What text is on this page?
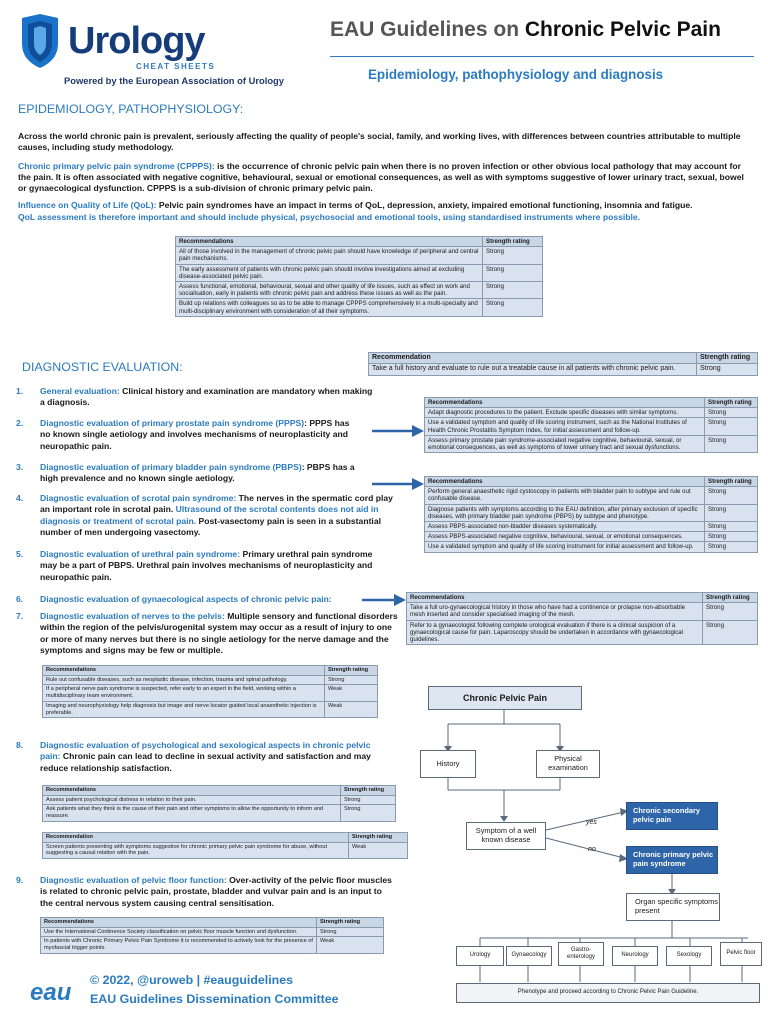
Urology
CHEAT SHEETS
Powered by the European Association of Urology
EAU Guidelines on Chronic Pelvic Pain
Epidemiology, pathophysiology and diagnosis
EPIDEMIOLOGY, PATHOPHYSIOLOGY:

Across the world chronic pain is prevalent, seriously affecting the quality of people's social, family, and working lives, with differences between countries attributable to multiple causes, including study methodology.

Chronic primary pelvic pain syndrome (CPPPS): is the occurrence of chronic pelvic pain when there is no proven infection or other obvious local pathology that may account for the pain. It is often associated with negative cognitive, behavioural, sexual or emotional consequences, as well as with symptoms suggestive of lower urinary tract, sexual, bowel or gynaecological dysfunction. CPPPS is a sub-division of chronic primary pelvic pain.

Influence on Quality of Life (QoL): Pelvic pain syndromes have an impact in terms of QoL, depression, anxiety, impaired emotional functioning, insomnia and fatigue.

QoL assessment is therefore important and should include physical, psychosocial and emotional tools, using standardised instruments where possible.

Recommendations	Strength rating
All of those involved in the management of chronic pelvic pain should have knowledge of peripheral and central pain mechanisms.	Strong
The early assessment of patients with chronic pelvic pain should involve investigations aimed at excluding disease-associated pelvic pain.	Strong
Assess functional, emotional, behavioural, sexual and other quality of life issues, such as effect on work and socialisation, early in patients with chronic pelvic pain and address these issues as well as the pain.	Strong
Build up relations with colleagues so as to be able to manage CPPPS comprehensively in a multi-specialty and multi-disciplinary environment with consideration of all their symptoms.	Strong
DIAGNOSTIC EVALUATION:
1. General evaluation: Clinical history and examination are mandatory when making a diagnosis.
2. Diagnostic evaluation of primary prostate pain syndrome (PPPS): PPPS has no known single aetiology and involves mechanisms of neuroplasticity and neuropathic pain.
3. Diagnostic evaluation of primary bladder pain syndrome (PBPS): PBPS has a high prevalence and no known single aetiology.
4. Diagnostic evaluation of scrotal pain syndrome: The nerves in the spermatic cord play an important role in scrotal pain. Ultrasound of the scrotal contents does not aid in diagnosis or treatment of scrotal pain. Post-vasectomy pain is seen in a substantial number of men undergoing vasectomy.
5. Diagnostic evaluation of urethral pain syndrome: Primary urethral pain syndrome may be a part of PBPS. Urethral pain involves mechanisms of neuroplasticity and neuropathic pain.
6. Diagnostic evaluation of gynaecological aspects of chronic pelvic pain:
7. Diagnostic evaluation of nerves to the pelvis: Multiple sensory and functional disorders within the region of the pelvis/urogenital system may occur as a result of injury to one or more of many nerves but there is no single aetiology for the nerve damage and the symptoms and signs may be few or multiple.
Recommendations	Strength rating
Rule out confusable diseases, such as neoplastic disease, infection, trauma and spinal pathology.	Strong
If a peripheral nerve pain syndrome is suspected, refer early to an expert in the field, working within a multidisciplinary team environment.	Weak
Imaging and neurophysiology help diagnosis but image and nerve locator guided local anaesthetic injection is preferable.	Weak
8. Diagnostic evaluation of psychological and sexological aspects in chronic pelvic pain: Chronic pain can lead to decline in sexual activity and satisfaction and may reduce relationship satisfaction.
Recommendations	Strength rating
Assess patient psychological distress in relation to their pain.	Strong
Ask patients what they think is the cause of their pain and other symptoms to allow the opportunity to inform and reassure.	Strong
Recommendation	Strength rating
Screen patients presenting with symptoms suggestive for chronic primary pelvic pain syndrome for abuse, without suggesting a causal relation with the pain.	Weak
9. Diagnostic evaluation of pelvic floor function: Over-activity of the pelvic floor muscles is related to chronic pelvic pain, prostate, bladder and vulvar pain and is an input to the central nervous system causing central sensitisation.
Recommendations	Strength rating
Use the International Continence Society classification on pelvic floor muscle function and dysfunction.	Strong
In patients with Chronic Primary Pelvic Pain Syndrome it is recommended to actively look for the presence of myofascial trigger points.	Weak
Recommendation	Strength rating
Take a full history and evaluate to rule out a treatable cause in all patients with chronic pelvic pain.	Strong
Recommendations	Strength rating
Adapt diagnostic procedures to the patient. Exclude specific diseases with similar symptoms.	Strong
Use a validated symptom and quality of life scoring instrument, such as the National Institutes of Health Chronic Prostatitis Symptom Index, for initial assessment and follow-up.	Strong
Assess primary prostate pain syndrome-associated negative cognitive, behavioural, sexual, or emotional consequences, as well as symptoms of lower urinary tract and sexual dysfunctions.	Strong
Recommendations	Strength rating
Perform general anaesthetic rigid cystoscopy in patients with bladder pain to subtype and rule out confusable disease.	Strong
Diagnose patients with symptoms according to the EAU definition, after primary exclusion of specific diseases, with primary bladder pain syndrome (PBPS) by subtype and phenotype.	Strong
Assess PBPS-associated non-bladder diseases systematically.	Strong
Assess PBPS-associated negative cognitive, behavioural, sexual, or emotional consequences.	Strong
Use a validated symptom and quality of life scoring instrument for initial assessment and follow-up.	Strong
Recommendations	Strength rating
Take a full uro-gynaecological history in those who have had a continence or prolapse non-absorbable mesh inserted and consider specialised imaging of the mesh.	Strong
Refer to a gynaecologist following complete urological evaluation if there is a clinical suspicion of a gynaecological cause for pain. Laparoscopy should be undertaken in accordance with gynaecological guidelines.	Strong
Chronic Pelvic Pain
History	Physical examination
Symptom of a well known disease
yes
no
Chronic secondary pelvic pain
Chronic primary pelvic pain syndrome
Organ specific symptoms present
Urology	Gynaecology
Gastro-enterology	Neurology	Sexology	Pelvic floor
Phenotype and proceed according to Chronic Pelvic Pain Guideline.
eau © 2022, @uroweb | #eauguidelines
EAU Guidelines Dissemination Committee
